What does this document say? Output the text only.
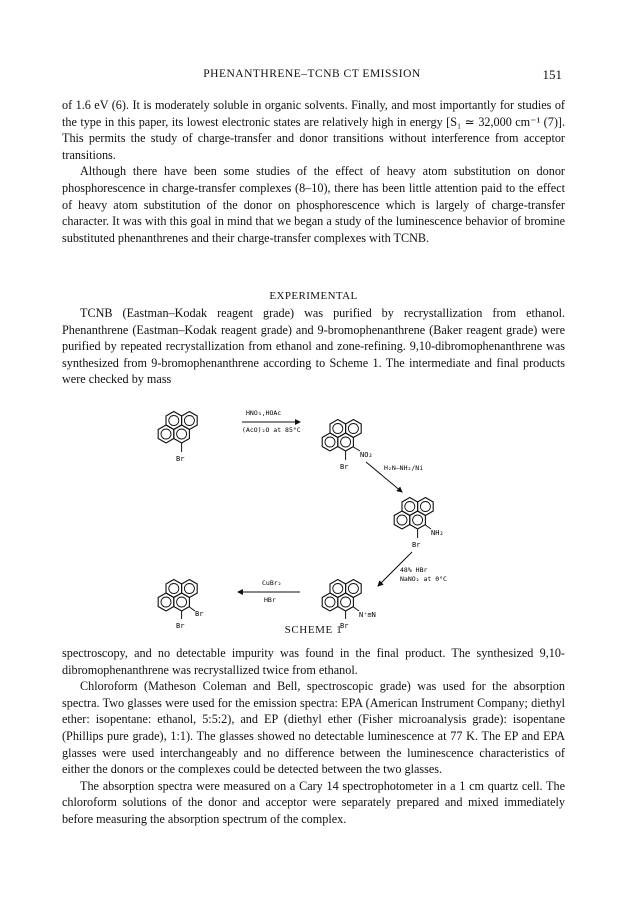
PHENANTHRENE–TCNB CT EMISSION	151

of 1.6 eV (6). It is moderately soluble in organic solvents. Finally, and most importantly for studies of the type in this paper, its lowest electronic states are relatively high in energy [S₁ ≃ 32,000 cm⁻¹ (7)]. This permits the study of charge-transfer and donor transitions without interference from acceptor transitions.

Although there have been some studies of the effect of heavy atom substitution on donor phosphorescence in charge-transfer complexes (8–10), there has been little attention paid to the effect of heavy atom substitution of the donor on phosphorescence which is largely of charge-transfer character. It was with this goal in mind that we began a study of the luminescence behavior of bromine substituted phenanthrenes and their charge-transfer complexes with TCNB.

EXPERIMENTAL

TCNB (Eastman–Kodak reagent grade) was purified by recrystallization from ethanol. Phenanthrene (Eastman–Kodak reagent grade) and 9-bromophenanthrene (Baker reagent grade) were purified by repeated recrystallization from ethanol and zone-refining. 9,10-dibromophenanthrene was synthesized from 9-bromophenanthrene according to Scheme 1. The intermediate and final products were checked by mass

Br
HNO₃,HOAc
(AcO)₂O at 85°C
Br
NO₂
H₂N–NH₂/Ni
Br
NH₂
48% HBr
NaNO₂ at 0°C
Br
N⁺≡N
CuBr₂
HBr
Br
Br
SCHEME 1

spectroscopy, and no detectable impurity was found in the final product. The synthesized 9,10-dibromophenanthrene was recrystallized twice from ethanol.

Chloroform (Matheson Coleman and Bell, spectroscopic grade) was used for the absorption spectra. Two glasses were used for the emission spectra: EPA (American Instrument Company; diethyl ether: isopentane: ethanol, 5:5:2), and EP (diethyl ether (Fisher microanalysis grade): isopentane (Phillips pure grade), 1:1). The glasses showed no detectable luminescence at 77 K. The EP and EPA glasses were used interchangeably and no difference between the luminescence characteristics of either the donors or the complexes could be detected between the two glasses.

The absorption spectra were measured on a Cary 14 spectrophotometer in a 1 cm quartz cell. The chloroform solutions of the donor and acceptor were separately prepared and mixed immediately before measuring the absorption spectrum of the complex.
